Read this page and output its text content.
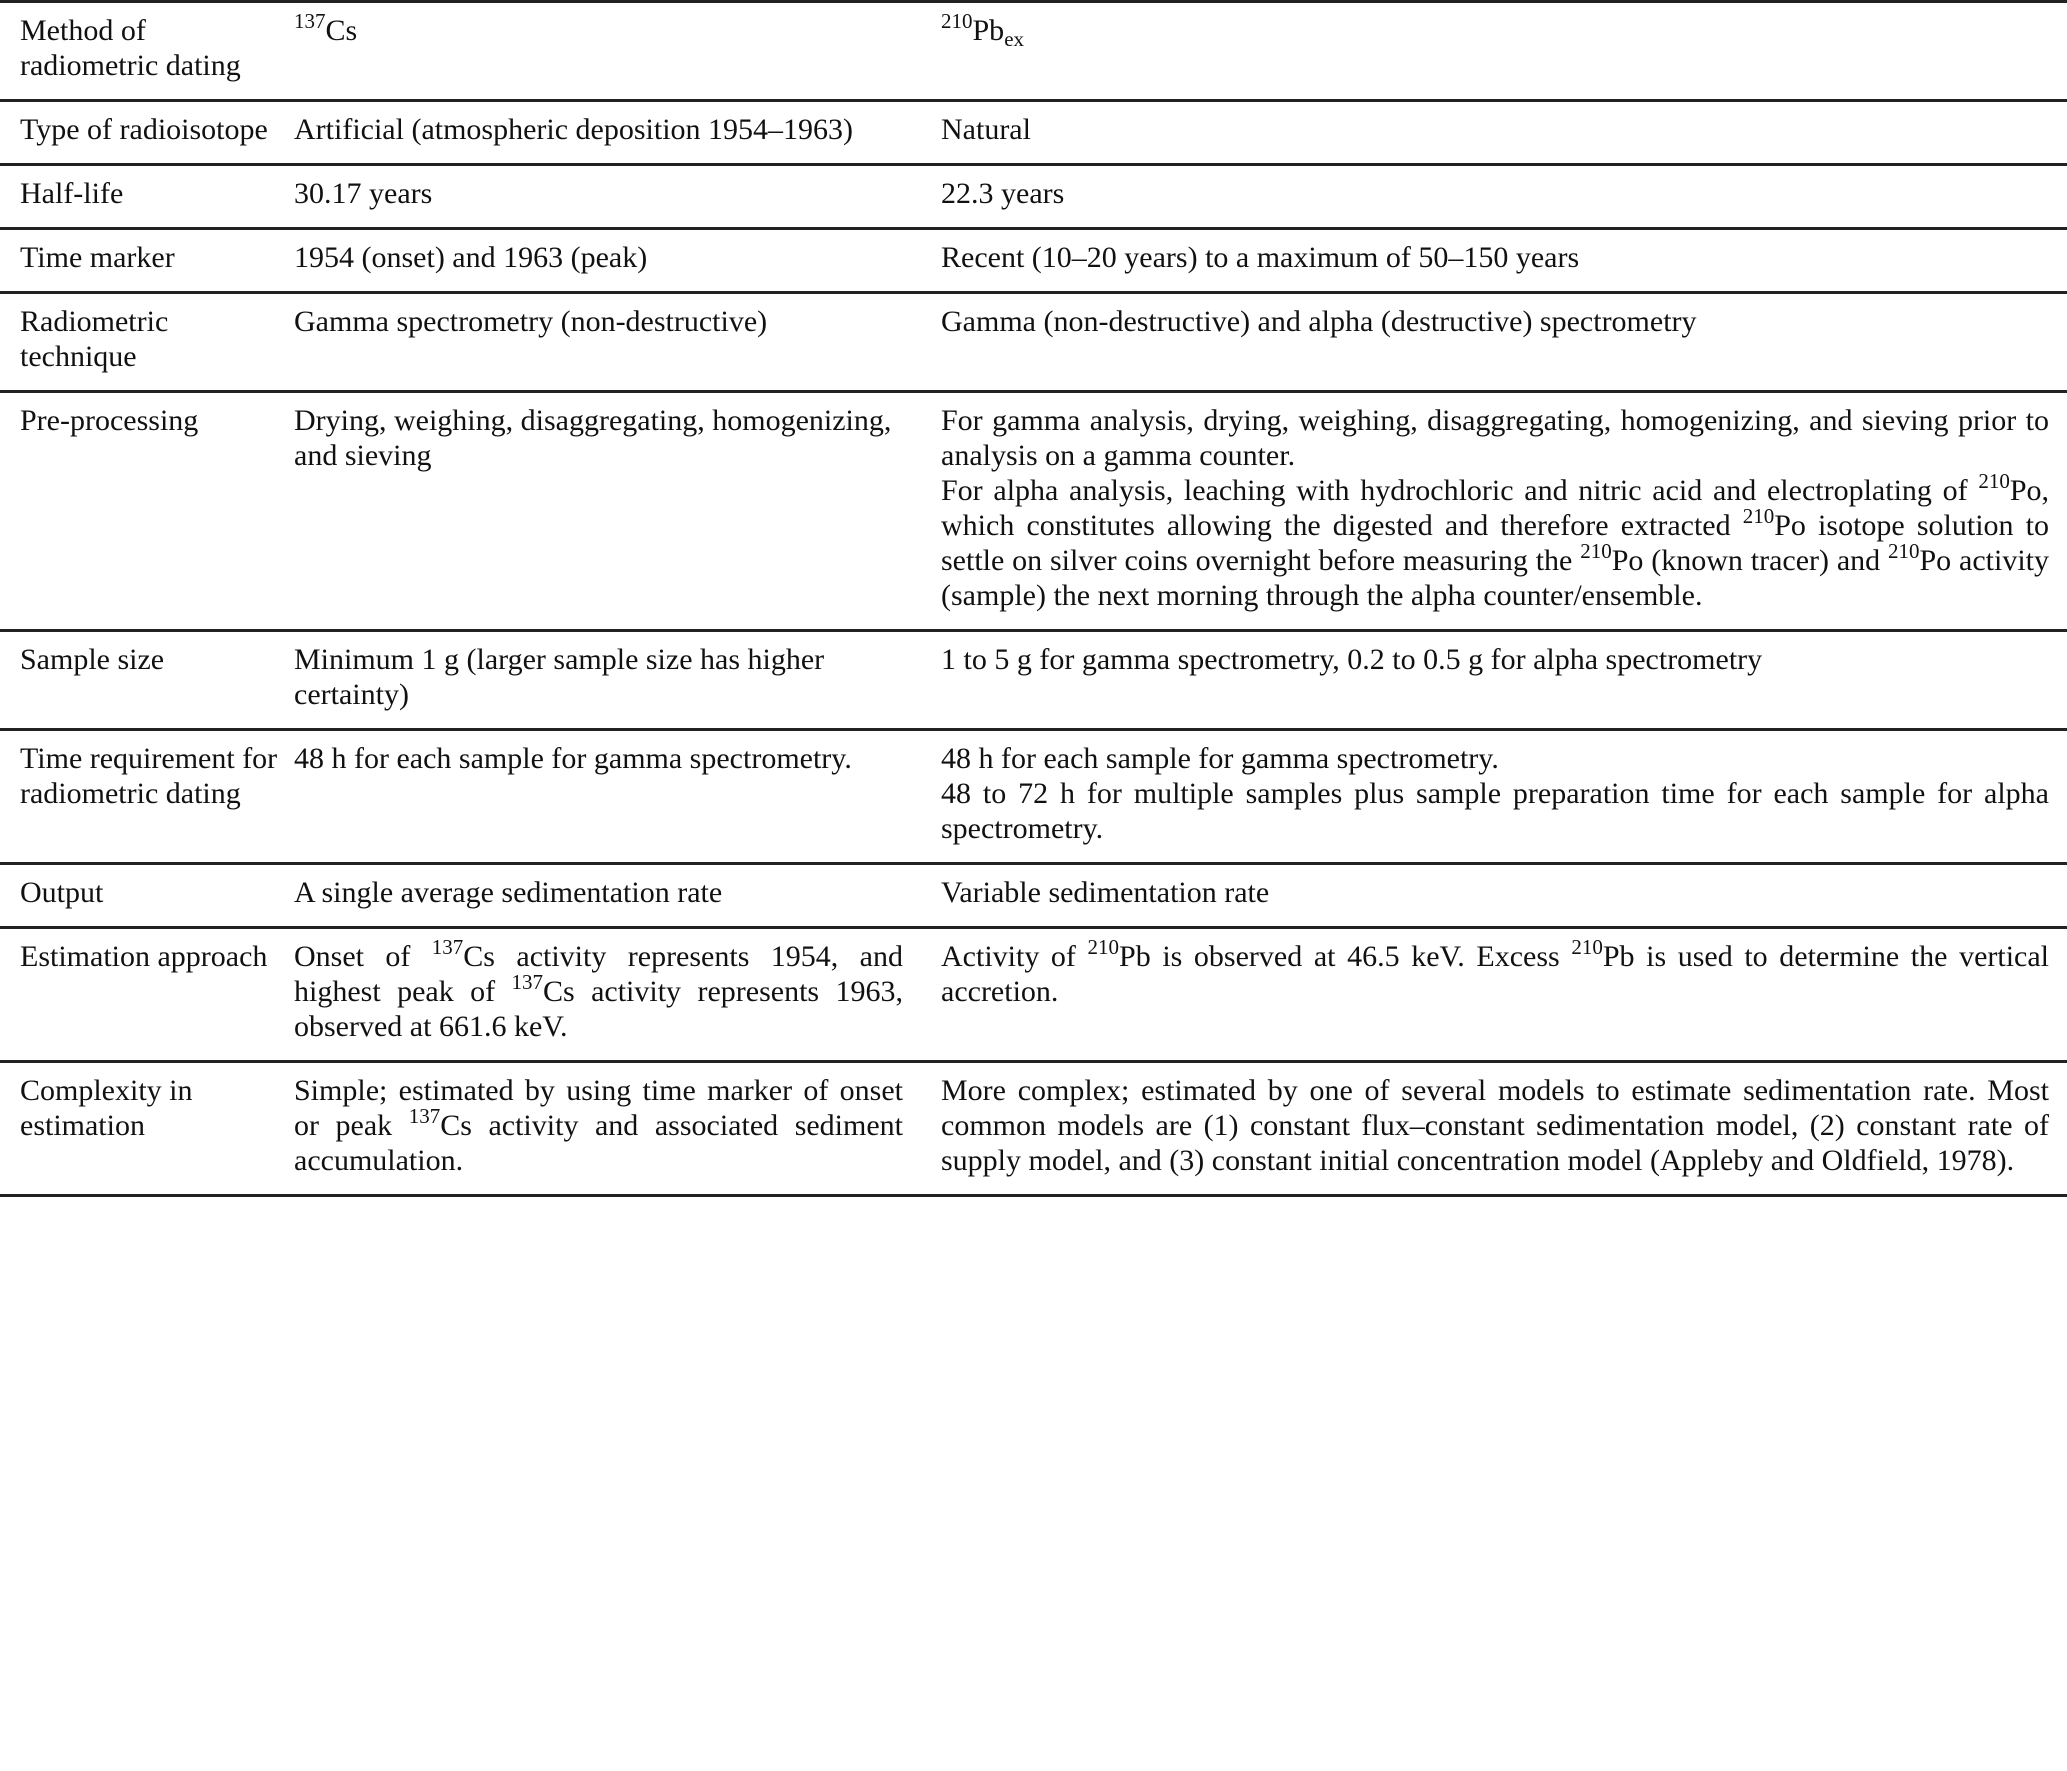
Method of radiometric dating	$^{137}$Cs	$^{210}Pb_{ex}$
Type of radioisotope	Artificial (atmospheric deposition 1954–1963)	Natural
Half-life	30.17 years	22.3 years
Time marker	1954 (onset) and 1963 (peak)	Recent (10–20 years) to a maximum of 50–150 years
Radiometric technique	Gamma spectrometry (non-destructive)	Gamma (non-destructive) and alpha (destructive) spectrometry
Pre-processing	Drying, weighing, disaggregating, homogenizing, and sieving	For gamma analysis, drying, weighing, disaggregating, homogenizing, and sieving prior to analysis on a gamma counter.
For alpha analysis, leaching with hydrochloric and nitric acid and electroplating of $^{210}$Po, which constitutes allowing the digested and therefore extracted $^{210}$Po isotope solution to settle on silver coins overnight before measuring the $^{210}$Po (known tracer) and $^{210}$Po activity (sample) the next morning through the alpha counter/ensemble.

Sample size	Minimum 1 g (larger sample size has higher certainty)	1 to 5 g for gamma spectrometry, 0.2 to 0.5 g for alpha spectrometry
Time requirement for radiometric dating	48 h for each sample for gamma spectrometry.	48 h for each sample for gamma spectrometry.
48 to 72 h for multiple samples plus sample preparation time for each sample for alpha spectrometry.

Output	A single average sedimentation rate	Variable sedimentation rate
Estimation approach	Onset of $^{137}$Cs activity represents 1954, and highest peak of $^{137}$Cs activity represents 1963, observed at 661.6 keV.	Activity of $^{210}$Pb is observed at 46.5 keV. Excess $^{210}$Pb is used to determine the vertical accretion.
Complexity in estimation	Simple; estimated by using time marker of onset or peak $^{137}$Cs activity and associated sediment accumulation.	More complex; estimated by one of several models to estimate sedimentation rate. Most common models are (1) constant flux–constant sedimentation model, (2) constant rate of supply model, and (3) constant initial concentration model (Appleby and Oldfield, 1978).
